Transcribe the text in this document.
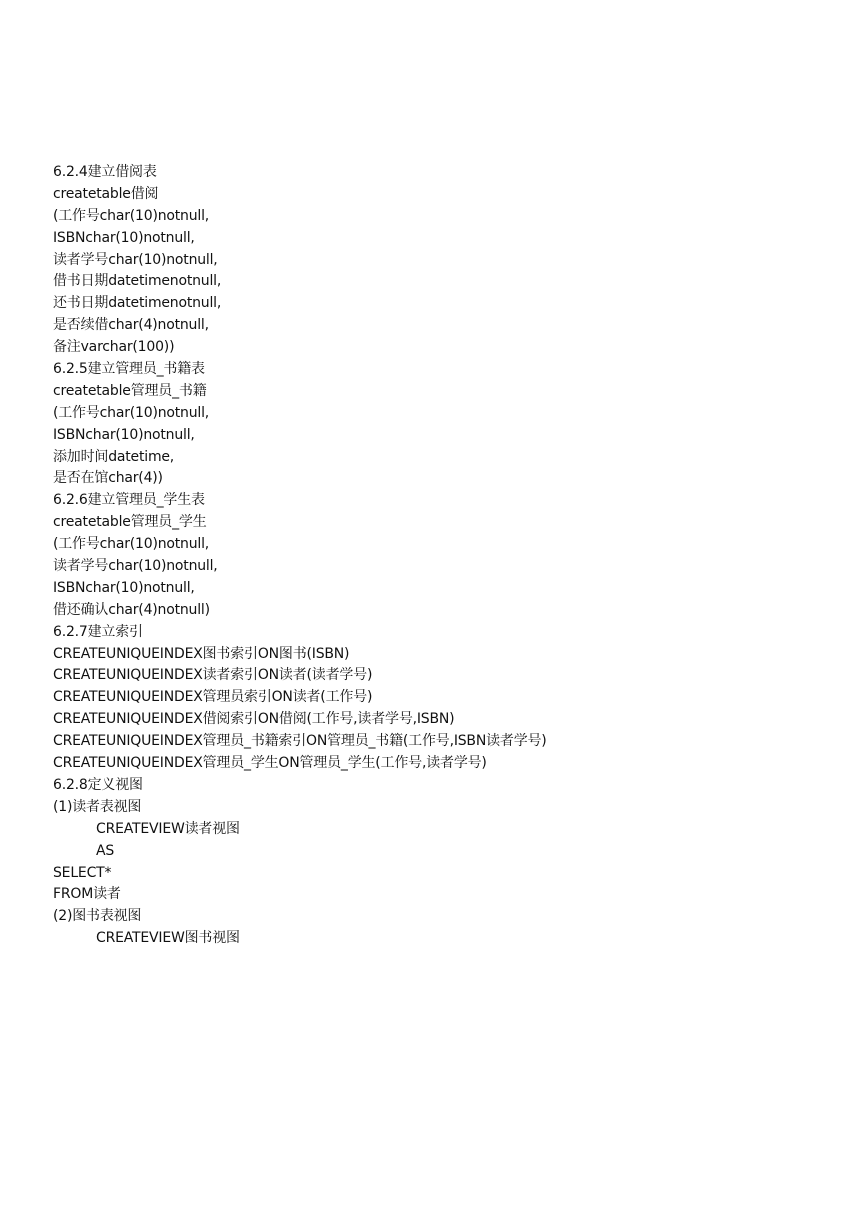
6.2.4建立借阅表
createtable借阅
(工作号char(10)notnull,
ISBNchar(10)notnull,
读者学号char(10)notnull,
借书日期datetimenotnull,
还书日期datetimenotnull,
是否续借char(4)notnull,
备注varchar(100))
6.2.5建立管理员_书籍表
createtable管理员_书籍
(工作号char(10)notnull,
ISBNchar(10)notnull,
添加时间datetime,
是否在馆char(4))
6.2.6建立管理员_学生表
createtable管理员_学生
(工作号char(10)notnull,
读者学号char(10)notnull,
ISBNchar(10)notnull,
借还确认char(4)notnull)
6.2.7建立索引
CREATEUNIQUEINDEX图书索引ON图书(ISBN)
CREATEUNIQUEINDEX读者索引ON读者(读者学号)
CREATEUNIQUEINDEX管理员索引ON读者(工作号)
CREATEUNIQUEINDEX借阅索引ON借阅(工作号,读者学号,ISBN)
CREATEUNIQUEINDEX管理员_书籍索引ON管理员_书籍(工作号,ISBN读者学号)
CREATEUNIQUEINDEX管理员_学生ON管理员_学生(工作号,读者学号)
6.2.8定义视图
(1)读者表视图
CREATEVIEW读者视图
AS
SELECT*
FROM读者
(2)图书表视图
CREATEVIEW图书视图
